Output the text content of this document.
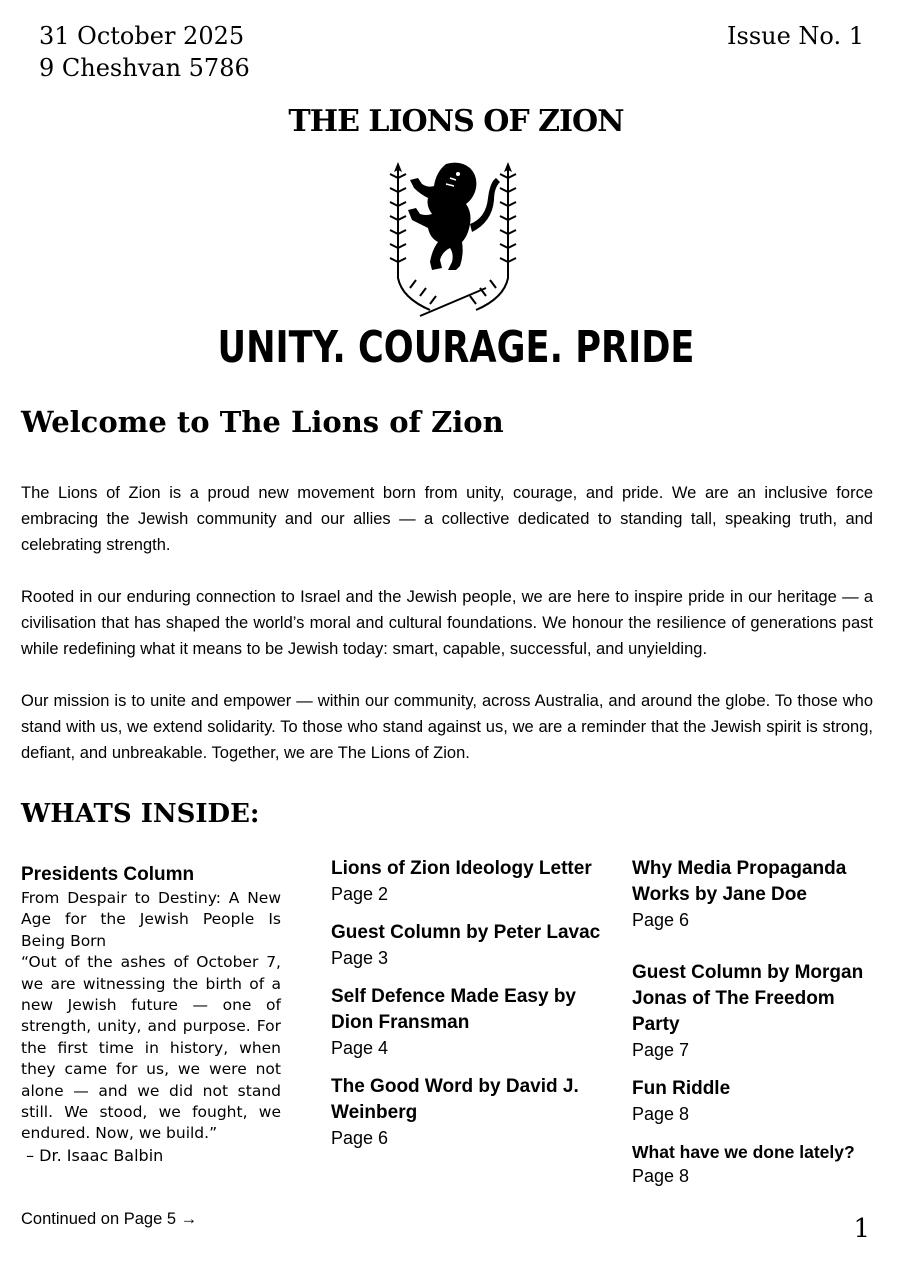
31 October 2025
9 Cheshvan 5786
Issue No. 1
THE LIONS OF ZION
UNITY. COURAGE. PRIDE
Welcome to The Lions of Zion

The Lions of Zion is a proud new movement born from unity, courage, and pride. We are an inclusive force embracing the Jewish community and our allies — a collective dedicated to standing tall, speaking truth, and celebrating strength.

Rooted in our enduring connection to Israel and the Jewish people, we are here to inspire pride in our heritage — a civilisation that has shaped the world’s moral and cultural foundations. We honour the resilience of generations past while redefining what it means to be Jewish today: smart, capable, successful, and unyielding.

Our mission is to unite and empower — within our community, across Australia, and around the globe. To those who stand with us, we extend solidarity. To those who stand against us, we are a reminder that the Jewish spirit is strong, defiant, and unbreakable. Together, we are The Lions of Zion.

WHATS INSIDE:
Presidents Column
From Despair to Destiny: A New Age for the Jewish People Is Being Born
“Out of the ashes of October 7, we are witnessing the birth of a new Jewish future — one of strength, unity, and purpose. For the first time in history, when they came for us, we were not alone — and we did not stand still. We stood, we fought, we endured. Now, we build.”
– Dr. Isaac Balbin
Lions of Zion Ideology Letter
Page 2
Guest Column by Peter Lavac
Page 3
Self Defence Made Easy by Dion Fransman
Page 4
The Good Word by David J. Weinberg
Page 6
Why Media Propaganda Works by Jane Doe
Page 6
Guest Column by Morgan Jonas of The Freedom Party
Page 7
Fun Riddle
Page 8
What have we done lately?
Page 8
Continued on Page 5 →	1
